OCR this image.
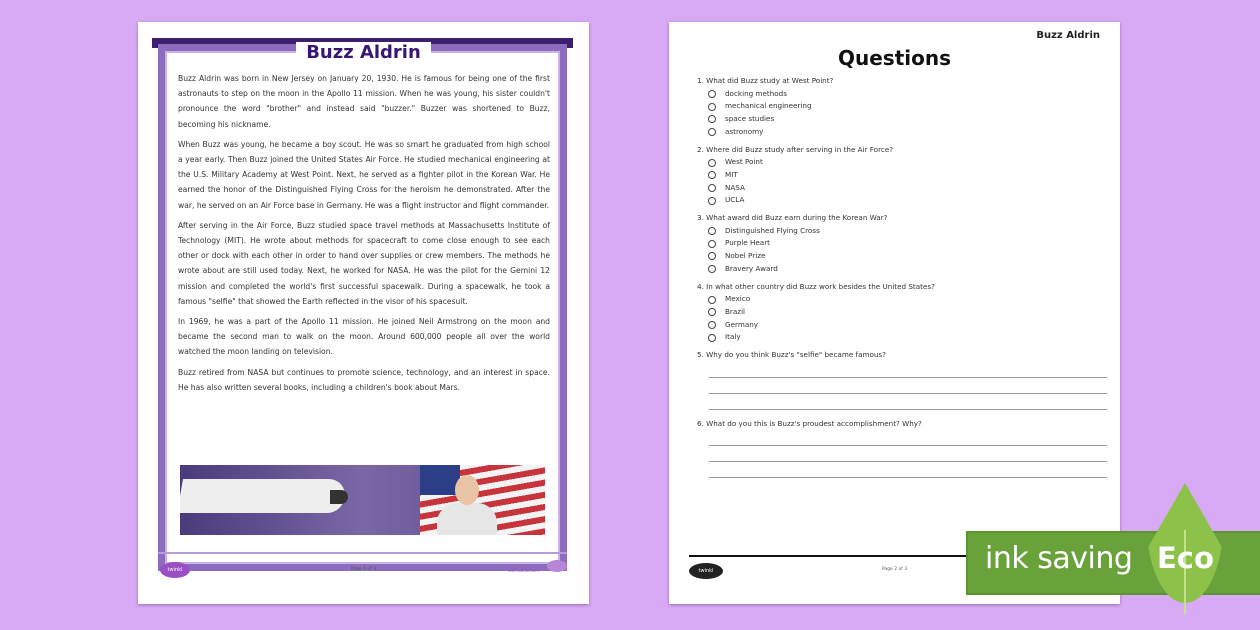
Buzz Aldrin

Buzz Aldrin was born in New Jersey on January 20, 1930. He is famous for being one of the first astronauts to step on the moon in the Apollo 11 mission. When he was young, his sister couldn't pronounce the word "brother" and instead said "buzzer." Buzzer was shortened to Buzz, becoming his nickname.

When Buzz was young, he became a boy scout. He was so smart he graduated from high school a year early. Then Buzz joined the United States Air Force. He studied mechanical engineering at the U.S. Military Academy at West Point. Next, he served as a fighter pilot in the Korean War. He earned the honor of the Distinguished Flying Cross for the heroism he demonstrated. After the war, he served on an Air Force base in Germany. He was a flight instructor and flight commander.

After serving in the Air Force, Buzz studied space travel methods at Massachusetts Institute of Technology (MIT). He wrote about methods for spacecraft to come close enough to see each other or dock with each other in order to hand over supplies or crew members. The methods he wrote about are still used today. Next, he worked for NASA. He was the pilot for the Gemini 12 mission and completed the world's first successful spacewalk. During a spacewalk, he took a famous "selfie" that showed the Earth reflected in the visor of his spacesuit.

In 1969, he was a part of the Apollo 11 mission. He joined Neil Armstrong on the moon and became the second man to walk on the moon. Around 600,000 people all over the world watched the moon landing on television.

Buzz retired from NASA but continues to promote science, technology, and an interest in space. He has also written several books, including a children's book about Mars.

twinkl	Page 1 of 3	visit twinkl.com
Buzz Aldrin
Questions
1. What did Buzz study at West Point?
docking methods
mechanical engineering
space studies
astronomy
2. Where did Buzz study after serving in the Air Force?
West Point
MIT
NASA
UCLA
3. What award did Buzz earn during the Korean War?
Distinguished Flying Cross
Purple Heart
Nobel Prize
Bravery Award
4. In what other country did Buzz work besides the United States?
Mexico
Brazil
Germany
Italy
5. Why do you think Buzz's "selfie" became famous?
6. What do you this is Buzz's proudest accomplishment? Why?
twinkl	Page 2 of 3	ink saving Eco
